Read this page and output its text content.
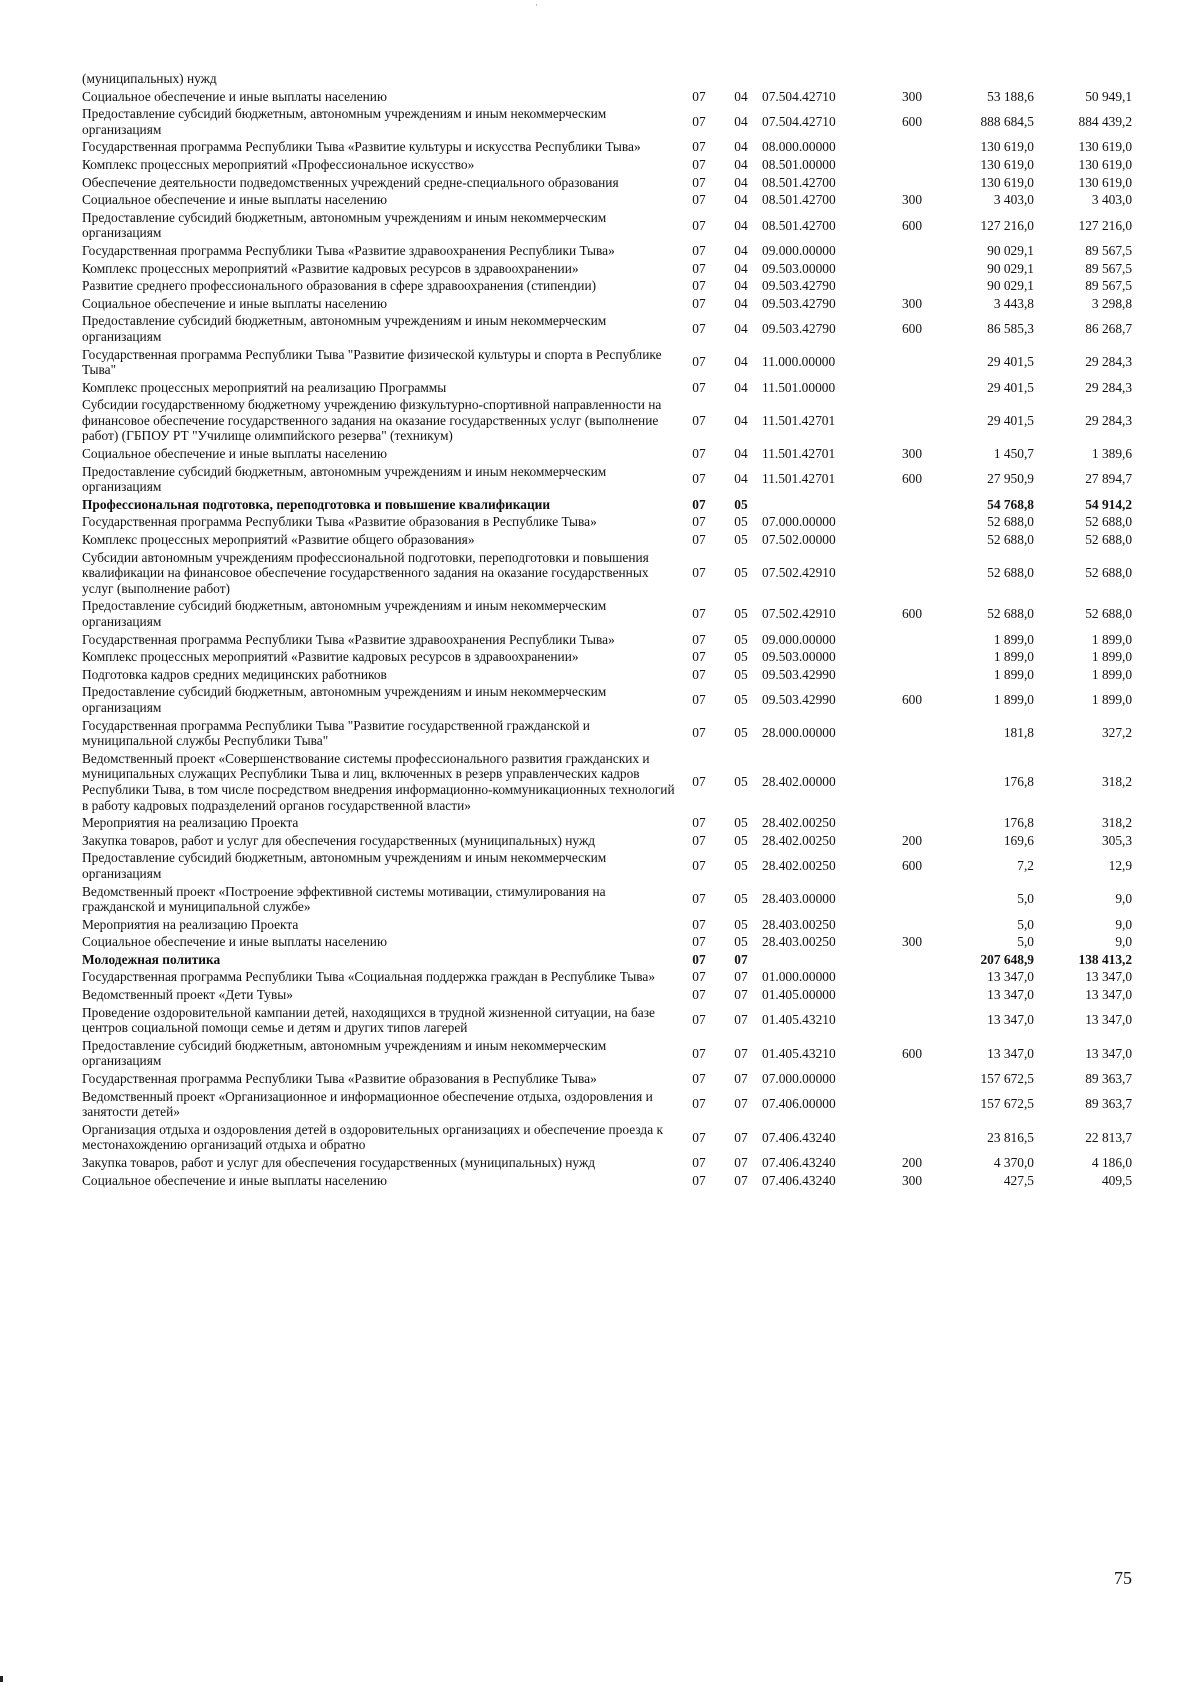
(муниципальных) нужд						
Социальное обеспечение и иные выплаты населению	07	04	07.504.42710	300	53 188,6	50 949,1
Предоставление субсидий бюджетным, автономным учреждениям и иным некоммерческим организациям	07	04	07.504.42710	600	888 684,5	884 439,2
Государственная программа Республики Тыва «Развитие культуры и искусства Республики Тыва»	07	04	08.000.00000		130 619,0	130 619,0
Комплекс процессных мероприятий «Профессиональное искусство»	07	04	08.501.00000		130 619,0	130 619,0
Обеспечение деятельности подведомственных учреждений средне-специального образования	07	04	08.501.42700		130 619,0	130 619,0
Социальное обеспечение и иные выплаты населению	07	04	08.501.42700	300	3 403,0	3 403,0
Предоставление субсидий бюджетным, автономным учреждениям и иным некоммерческим организациям	07	04	08.501.42700	600	127 216,0	127 216,0
Государственная программа Республики Тыва «Развитие здравоохранения Республики Тыва»	07	04	09.000.00000		90 029,1	89 567,5
Комплекс процессных мероприятий «Развитие кадровых ресурсов в здравоохранении»	07	04	09.503.00000		90 029,1	89 567,5
Развитие среднего профессионального образования в сфере здравоохранения (стипендии)	07	04	09.503.42790		90 029,1	89 567,5
Социальное обеспечение и иные выплаты населению	07	04	09.503.42790	300	3 443,8	3 298,8
Предоставление субсидий бюджетным, автономным учреждениям и иным некоммерческим организациям	07	04	09.503.42790	600	86 585,3	86 268,7
Государственная программа Республики Тыва "Развитие физической культуры и спорта в Республике Тыва"	07	04	11.000.00000		29 401,5	29 284,3
Комплекс процессных мероприятий на реализацию Программы	07	04	11.501.00000		29 401,5	29 284,3
Субсидии государственному бюджетному учреждению физкультурно-спортивной направленности на финансовое обеспечение государственного задания на оказание государственных услуг (выполнение работ) (ГБПОУ РТ "Училище олимпийского резерва" (техникум)	07	04	11.501.42701		29 401,5	29 284,3
Социальное обеспечение и иные выплаты населению	07	04	11.501.42701	300	1 450,7	1 389,6
Предоставление субсидий бюджетным, автономным учреждениям и иным некоммерческим организациям	07	04	11.501.42701	600	27 950,9	27 894,7
Профессиональная подготовка, переподготовка и повышение квалификации	07	05			54 768,8	54 914,2
Государственная программа Республики Тыва «Развитие образования в Республике Тыва»	07	05	07.000.00000		52 688,0	52 688,0
Комплекс процессных мероприятий «Развитие общего образования»	07	05	07.502.00000		52 688,0	52 688,0
Субсидии автономным учреждениям профессиональной подготовки, переподготовки и повышения квалификации на финансовое обеспечение государственного задания на оказание государственных услуг (выполнение работ)	07	05	07.502.42910		52 688,0	52 688,0
Предоставление субсидий бюджетным, автономным учреждениям и иным некоммерческим организациям	07	05	07.502.42910	600	52 688,0	52 688,0
Государственная программа Республики Тыва «Развитие здравоохранения Республики Тыва»	07	05	09.000.00000		1 899,0	1 899,0
Комплекс процессных мероприятий «Развитие кадровых ресурсов в здравоохранении»	07	05	09.503.00000		1 899,0	1 899,0
Подготовка кадров средних медицинских работников	07	05	09.503.42990		1 899,0	1 899,0
Предоставление субсидий бюджетным, автономным учреждениям и иным некоммерческим организациям	07	05	09.503.42990	600	1 899,0	1 899,0
Государственная программа Республики Тыва "Развитие государственной гражданской и муниципальной службы Республики Тыва"	07	05	28.000.00000		181,8	327,2
Ведомственный проект «Совершенствование системы профессионального развития гражданских и муниципальных служащих Республики Тыва и лиц, включенных в резерв управленческих кадров Республики Тыва, в том числе посредством внедрения информационно-коммуникационных технологий в работу кадровых подразделений органов государственной власти»	07	05	28.402.00000		176,8	318,2
Мероприятия на реализацию Проекта	07	05	28.402.00250		176,8	318,2
Закупка товаров, работ и услуг для обеспечения государственных (муниципальных) нужд	07	05	28.402.00250	200	169,6	305,3
Предоставление субсидий бюджетным, автономным учреждениям и иным некоммерческим организациям	07	05	28.402.00250	600	7,2	12,9
Ведомственный проект «Построение эффективной системы мотивации, стимулирования на гражданской и муниципальной службе»	07	05	28.403.00000		5,0	9,0
Мероприятия на реализацию Проекта	07	05	28.403.00250		5,0	9,0
Социальное обеспечение и иные выплаты населению	07	05	28.403.00250	300	5,0	9,0
Молодежная политика	07	07			207 648,9	138 413,2
Государственная программа Республики Тыва «Социальная поддержка граждан в Республике Тыва»	07	07	01.000.00000		13 347,0	13 347,0
Ведомственный проект «Дети Тувы»	07	07	01.405.00000		13 347,0	13 347,0
Проведение оздоровительной кампании детей, находящихся в трудной жизненной ситуации, на базе центров социальной помощи семье и детям и других типов лагерей	07	07	01.405.43210		13 347,0	13 347,0
Предоставление субсидий бюджетным, автономным учреждениям и иным некоммерческим организациям	07	07	01.405.43210	600	13 347,0	13 347,0
Государственная программа Республики Тыва «Развитие образования в Республике Тыва»	07	07	07.000.00000		157 672,5	89 363,7
Ведомственный проект «Организационное и информационное обеспечение отдыха, оздоровления и занятости детей»	07	07	07.406.00000		157 672,5	89 363,7
Организация отдыха и оздоровления детей в оздоровительных организациях и обеспечение проезда к местонахождению организаций отдыха и обратно	07	07	07.406.43240		23 816,5	22 813,7
Закупка товаров, работ и услуг для обеспечения государственных (муниципальных) нужд	07	07	07.406.43240	200	4 370,0	4 186,0
Социальное обеспечение и иные выплаты населению	07	07	07.406.43240	300	427,5	409,5
75
